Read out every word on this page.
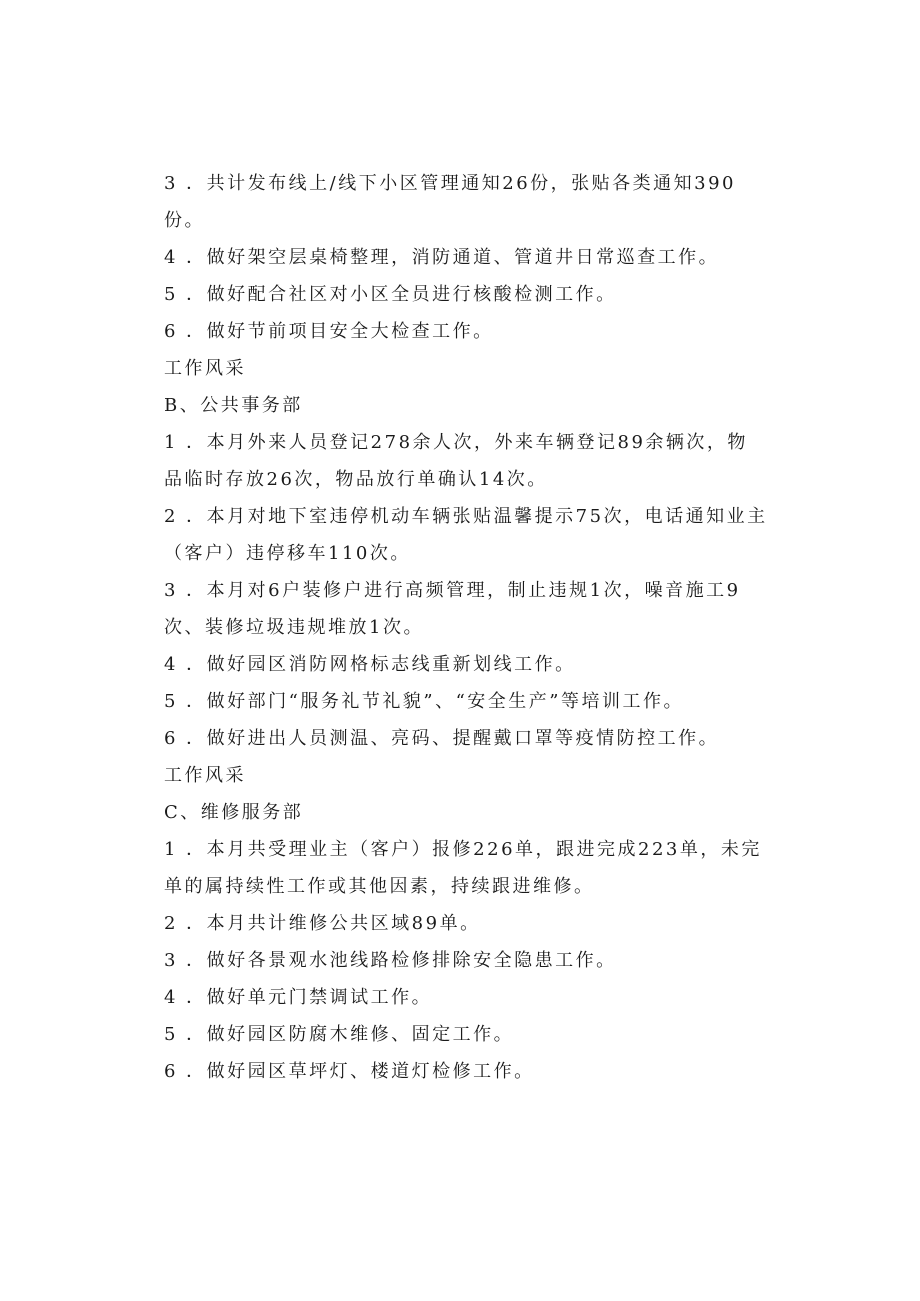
3 ．共计发布线上/线下小区管理通知26份，张贴各类通知390
份。
4 ．做好架空层桌椅整理，消防通道、管道井日常巡查工作。
5 ．做好配合社区对小区全员进行核酸检测工作。
6 ．做好节前项目安全大检查工作。
工作风采
B、公共事务部
1 ．本月外来人员登记278余人次，外来车辆登记89余辆次，物
品临时存放26次，物品放行单确认14次。
2 ．本月对地下室违停机动车辆张贴温馨提示75次，电话通知业主
（客户）违停移车110次。
3 ．本月对6户装修户进行高频管理，制止违规1次，噪音施工9
次、装修垃圾违规堆放1次。
4 ．做好园区消防网格标志线重新划线工作。
5 ．做好部门“服务礼节礼貌”、“安全生产”等培训工作。
6 ．做好进出人员测温、亮码、提醒戴口罩等疫情防控工作。
工作风采
C、维修服务部
1 ．本月共受理业主（客户）报修226单，跟进完成223单，未完
单的属持续性工作或其他因素，持续跟进维修。
2 ．本月共计维修公共区域89单。
3 ．做好各景观水池线路检修排除安全隐患工作。
4 ．做好单元门禁调试工作。
5 ．做好园区防腐木维修、固定工作。
6 ．做好园区草坪灯、楼道灯检修工作。
